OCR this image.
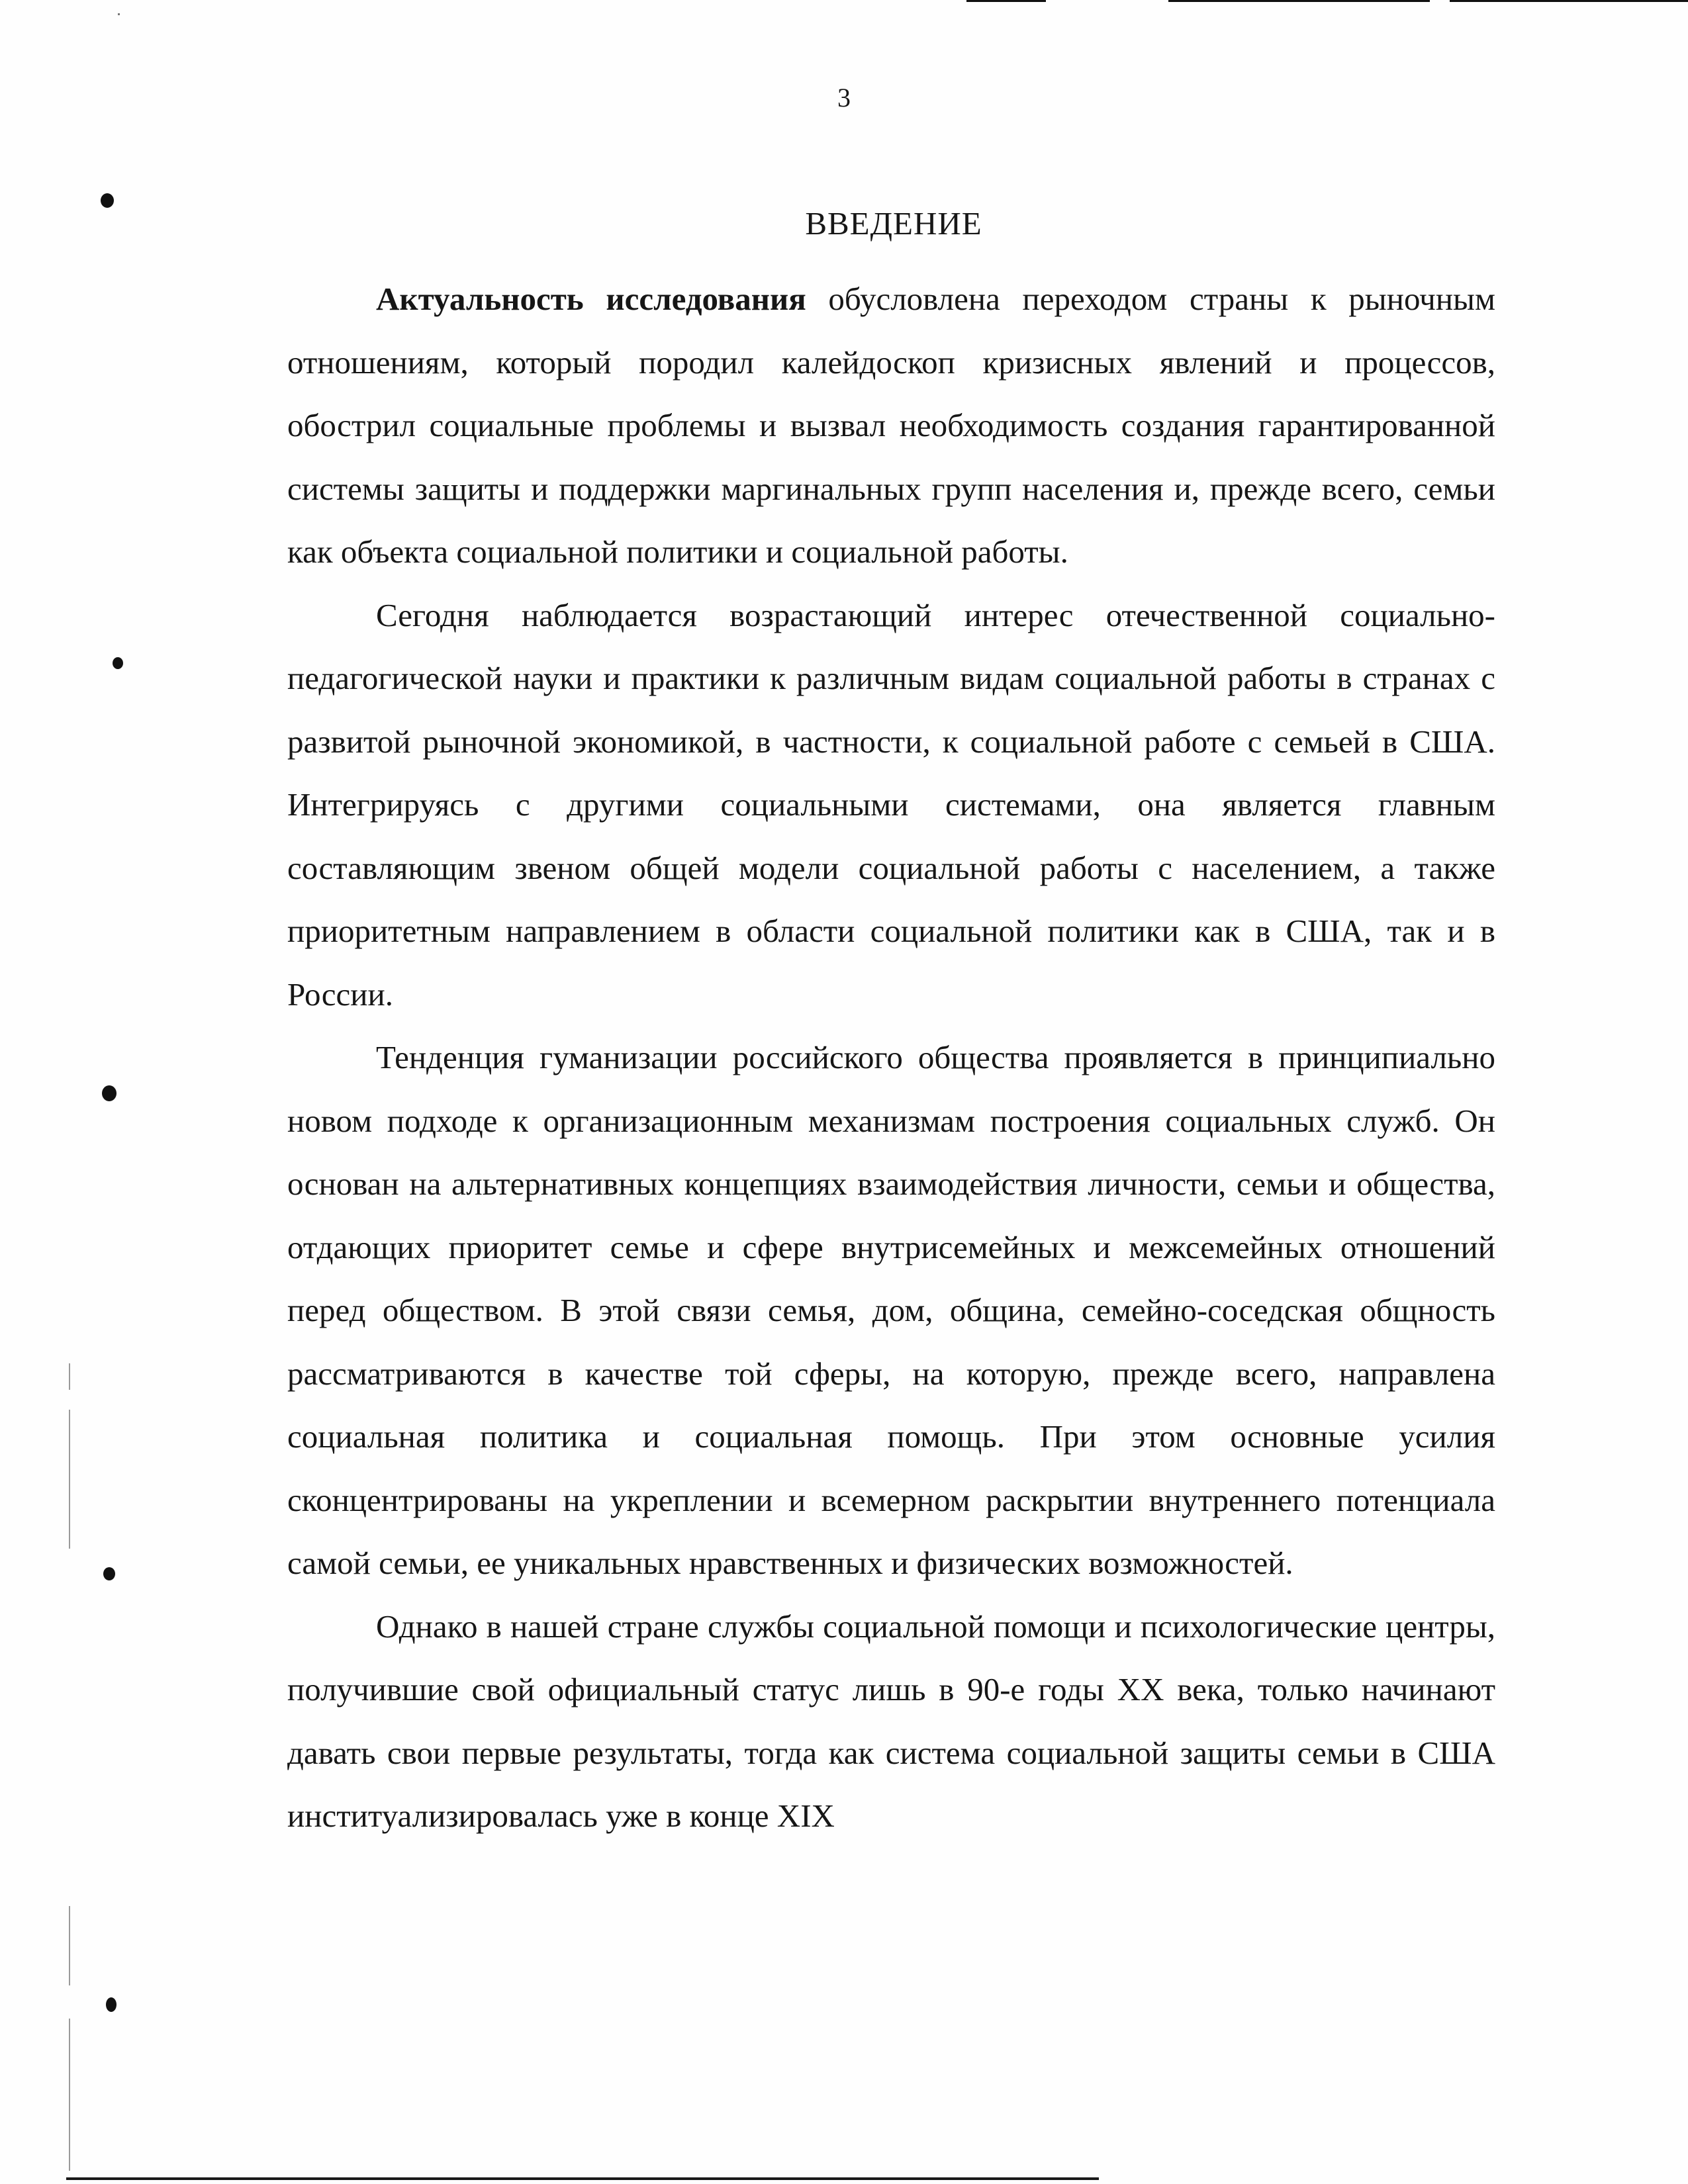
3
ВВЕДЕНИЕ

Актуальность исследования обусловлена переходом страны к рыночным отношениям, который породил калейдоскоп кризисных явлений и процессов, обострил социальные проблемы и вызвал необходимость создания гарантированной системы защиты и поддержки маргинальных групп населения и, прежде всего, семьи как объекта социальной политики и социальной работы.

Сегодня наблюдается возрастающий интерес отечественной социально-педагогической науки и практики к различным видам социальной работы в странах с развитой рыночной экономикой, в частности, к социальной работе с семьей в США. Интегрируясь с другими социальными системами, она является главным составляющим звеном общей модели социальной работы с населением, а также приоритетным направлением в области социальной политики как в США, так и в России.

Тенденция гуманизации российского общества проявляется в принципиально новом подходе к организационным механизмам построения социальных служб. Он основан на альтернативных концепциях взаимодействия личности, семьи и общества, отдающих приоритет семье и сфере внутрисемейных и межсемейных отношений перед обществом. В этой связи семья, дом, община, семейно-соседская общность рассматриваются в качестве той сферы, на которую, прежде всего, направлена социальная политика и социальная помощь. При этом основные усилия сконцентрированы на укреплении и всемерном раскрытии внутреннего потенциала самой семьи, ее уникальных нравственных и физических возможностей.

Однако в нашей стране службы социальной помощи и психологические центры, получившие свой официальный статус лишь в 90-е годы XX века, только начинают давать свои первые результаты, тогда как система социальной защиты семьи в США институализировалась уже в конце XIX
